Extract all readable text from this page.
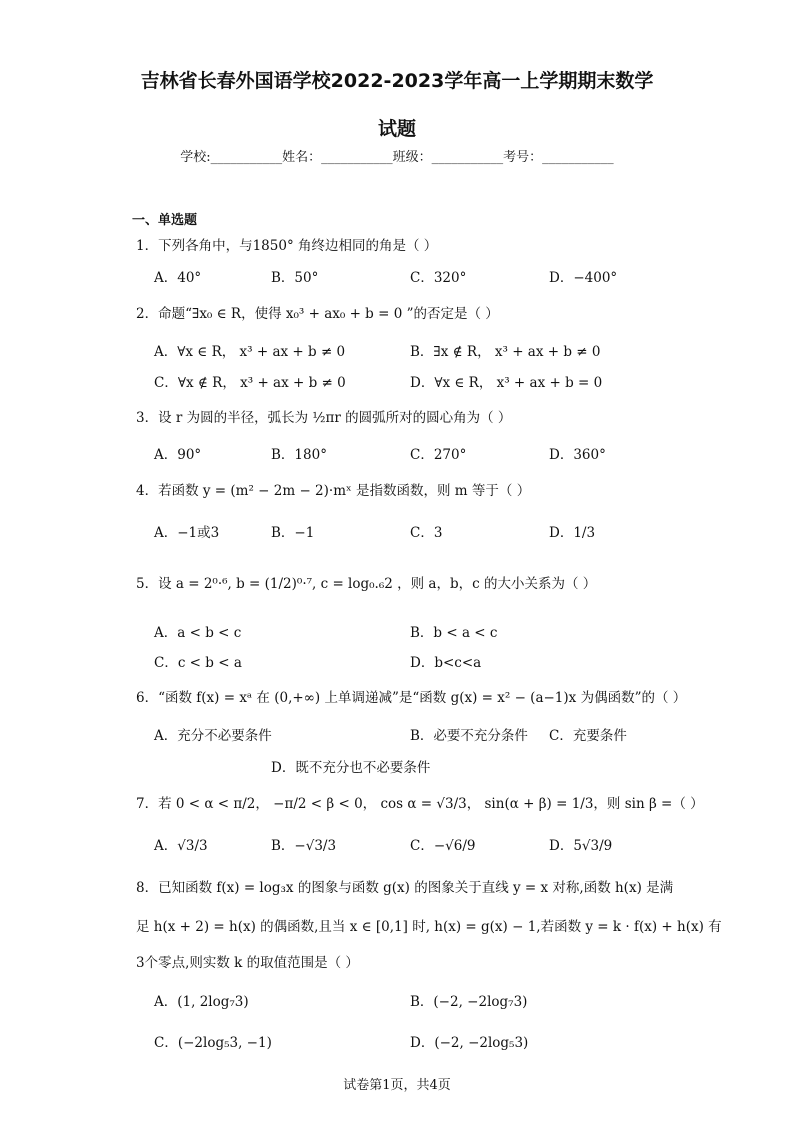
吉林省长春外国语学校2022-2023学年高一上学期期末数学
试题
学校:___________姓名：___________班级：___________考号：___________
一、单选题
1．下列各角中，与1850° 角终边相同的角是（ ）
A．40°	B．50°	C．320°	D．−400°
2．命题“∃x₀ ∈ R，使得 x₀³ + ax₀ + b = 0 ”的否定是（ ）
A．∀x ∈ R， x³ + ax + b ≠ 0	B．∃x ∉ R， x³ + ax + b ≠ 0
C．∀x ∉ R， x³ + ax + b ≠ 0	D．∀x ∈ R， x³ + ax + b = 0
3．设 r 为圆的半径，弧长为 ½πr 的圆弧所对的圆心角为（ ）
A．90°	B．180°	C．270°	D．360°
4．若函数 y = (m² − 2m − 2)·mˣ 是指数函数，则 m 等于（ ）
A．−1或3	B．−1	C．3	D．1/3
5．设 a = 2⁰·⁶, b = (1/2)⁰·⁷, c = log₀.₆2 ，则 a，b，c 的大小关系为（ ）
A．a < b < c	B．b < a < c
C．c < b < a	D．b<c<a
6．“函数 f(x) = xᵃ 在 (0,+∞) 上单调递减”是“函数 g(x) = x² − (a−1)x 为偶函数”的（ ）
A．充分不必要条件	B．必要不充分条件 C．充要条件
D．既不充分也不必要条件
7．若 0 < α < π/2， −π/2 < β < 0， cos α = √3/3， sin(α + β) = 1/3，则 sin β =（ ）
A．√3/3	B．−√3/3	C．−√6/9	D．5√3/9
8．已知函数 f(x) = log₃x 的图象与函数 g(x) 的图象关于直线 y = x 对称,函数 h(x) 是满
足 h(x + 2) = h(x) 的偶函数,且当 x ∈ [0,1] 时, h(x) = g(x) − 1,若函数 y = k · f(x) + h(x) 有
3个零点,则实数 k 的取值范围是（ ）
A．(1, 2log₇3)	B．(−2, −2log₇3)
C．(−2log₅3, −1)	D．(−2, −2log₅3)
试卷第1页，共4页
